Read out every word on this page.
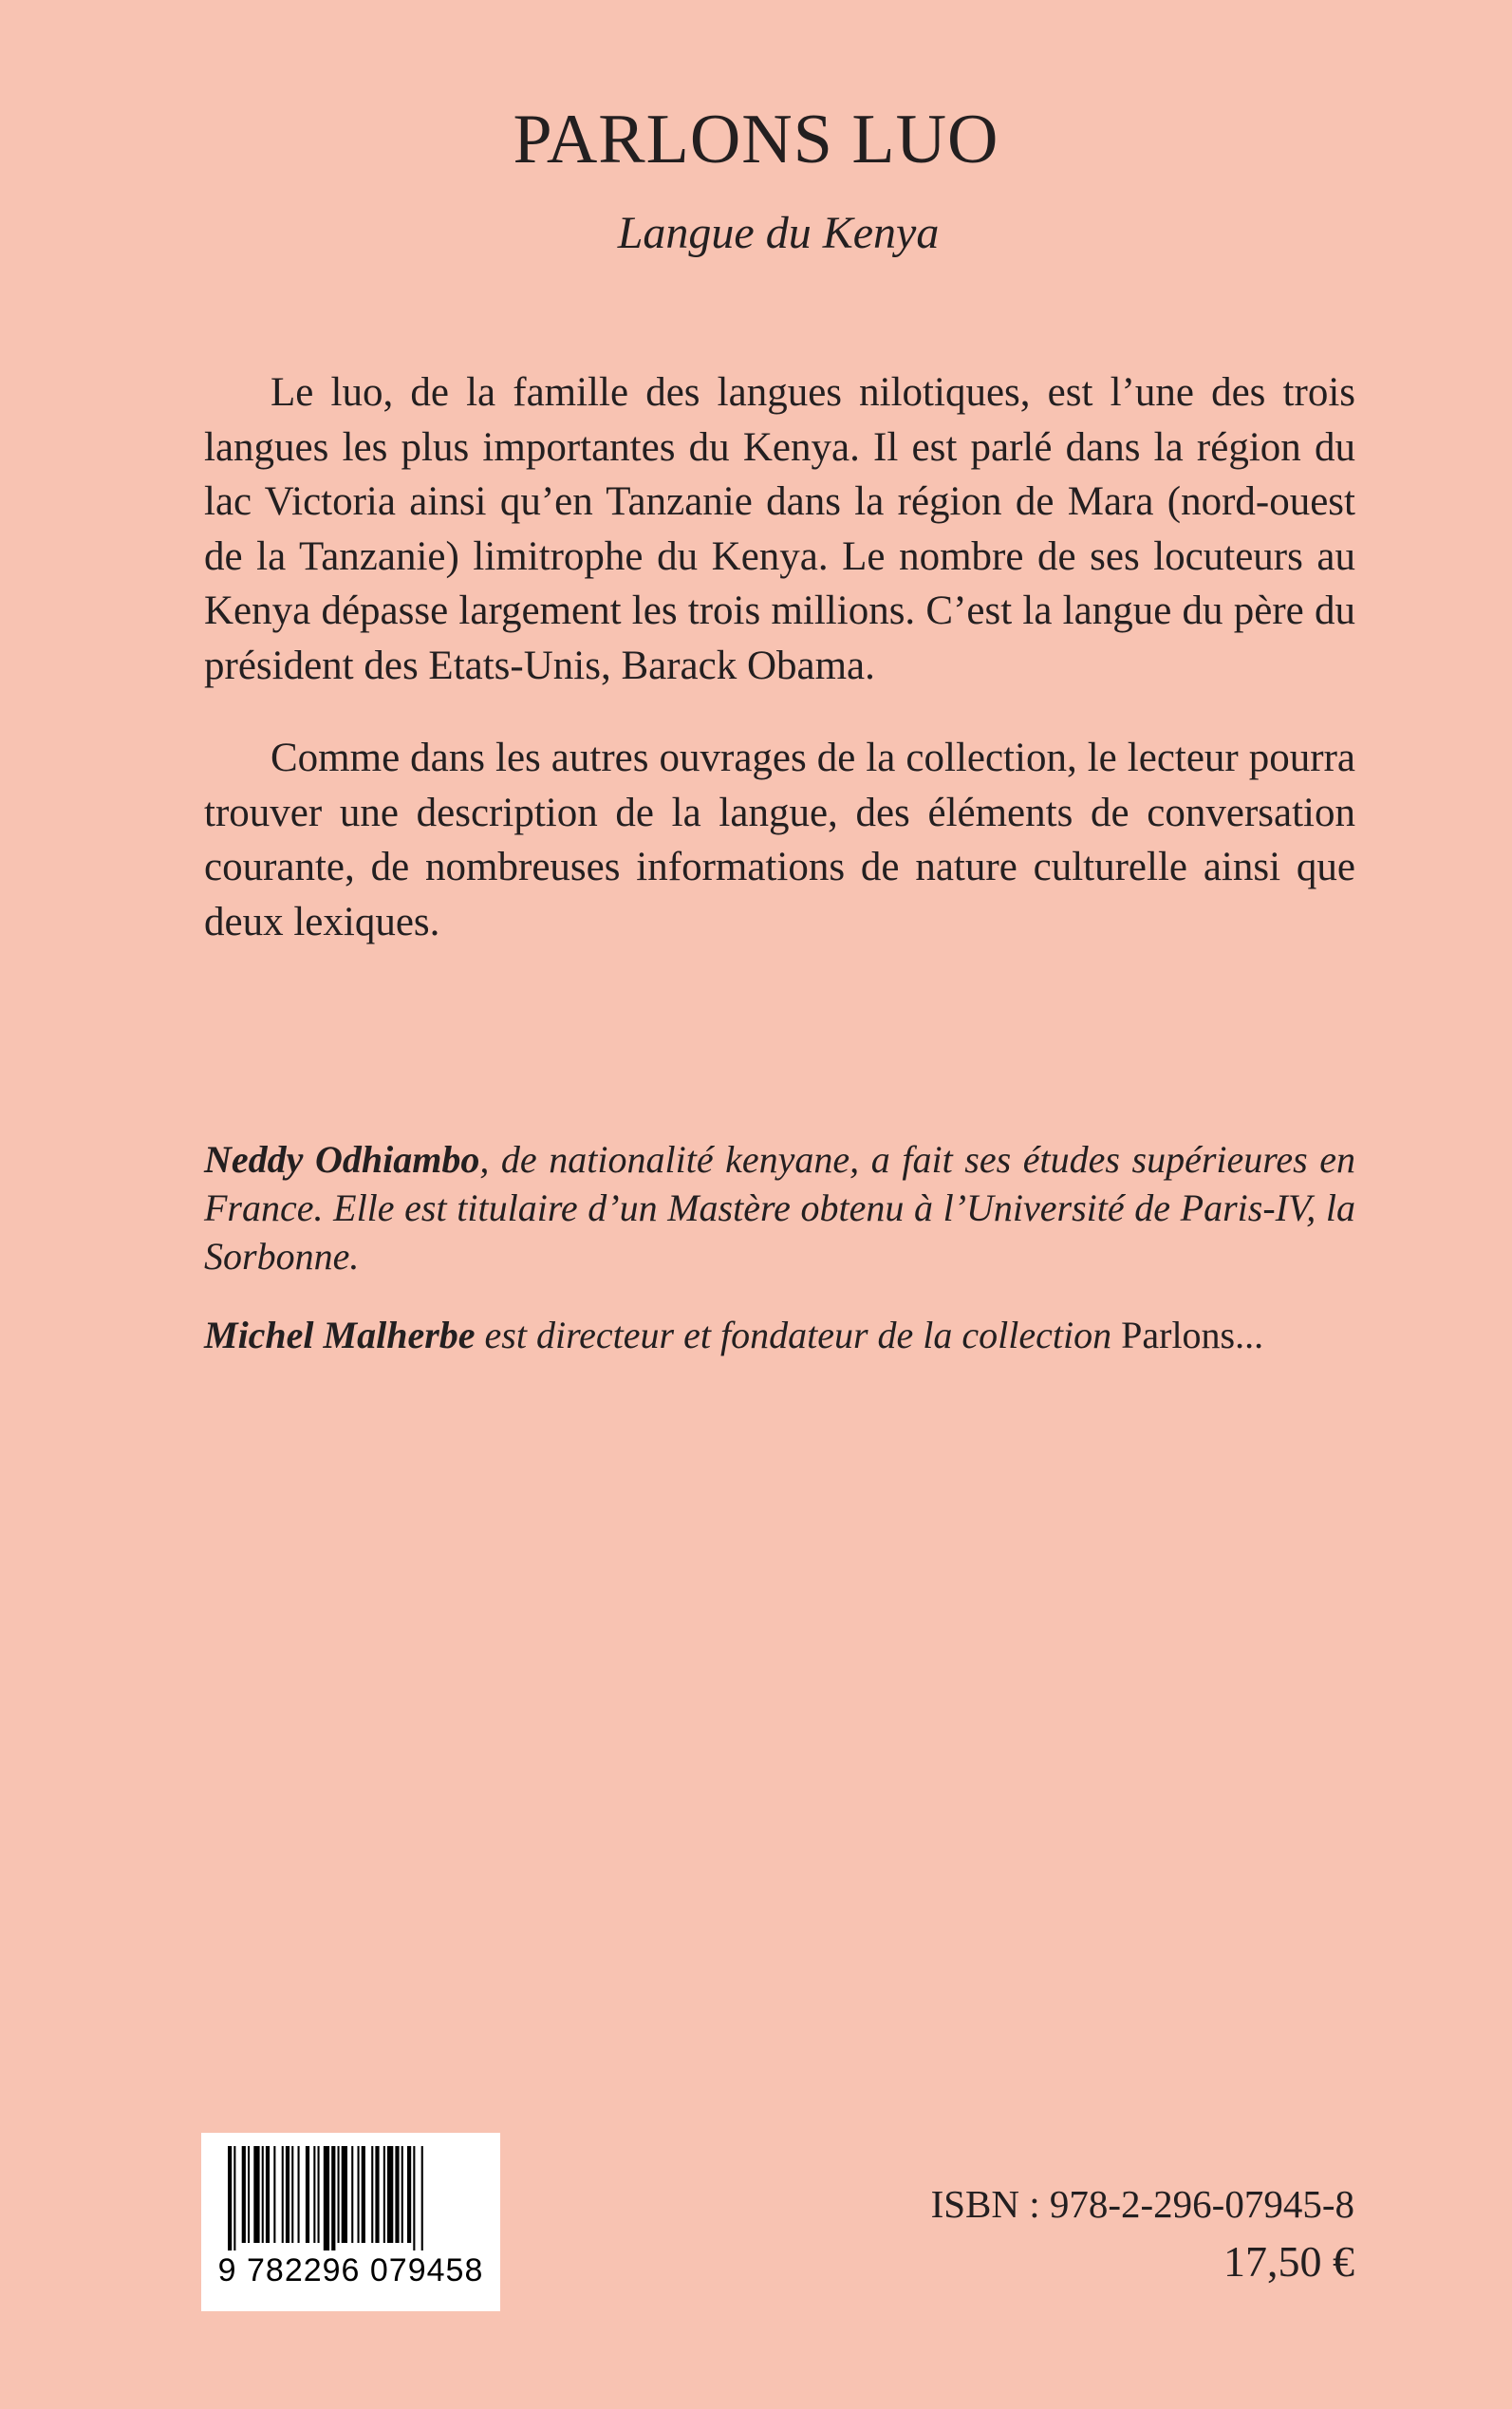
PARLONS LUO
Langue du Kenya

Le luo, de la famille des langues nilotiques, est l’une des trois langues les plus importantes du Kenya. Il est parlé dans la région du lac Victoria ainsi qu’en Tanzanie dans la région de Mara (nord-ouest de la Tanzanie) limitrophe du Kenya. Le nombre de ses locuteurs au Kenya dépasse largement les trois millions. C’est la langue du père du président des Etats-Unis, Barack Obama.

Comme dans les autres ouvrages de la collection, le lecteur pourra trouver une description de la langue, des éléments de conversation courante, de nombreuses informations de nature culturelle ainsi que deux lexiques.

Neddy Odhiambo, de nationalité kenyane, a fait ses études supérieures en France. Elle est titulaire d’un Mastère obtenu à l’Université de Paris-IV, la Sorbonne.

Michel Malherbe est directeur et fondateur de la collection Parlons...

9 782296 079458
ISBN : 978-2-296-07945-8
17,50 €
